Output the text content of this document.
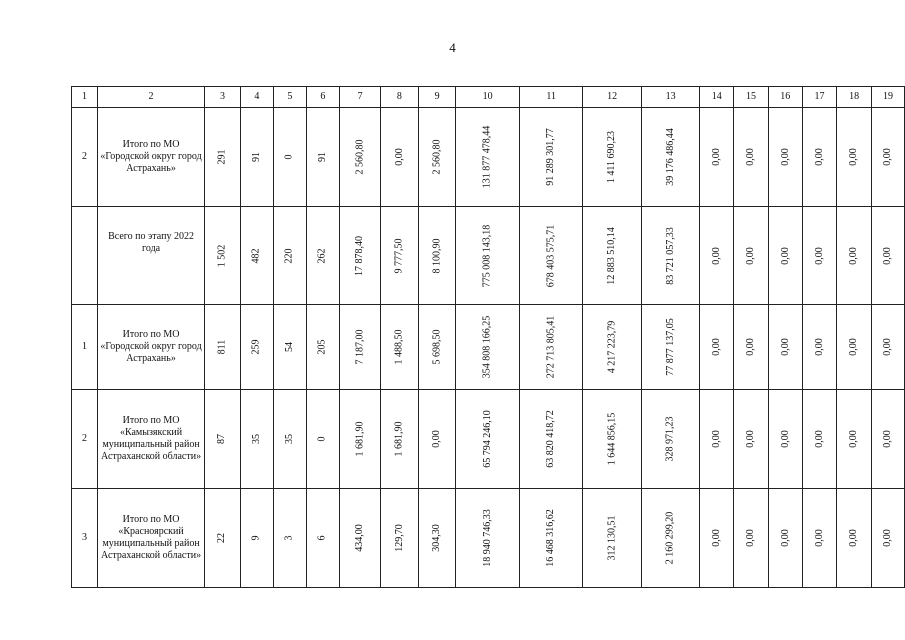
4
1	2	3	4	5	6	7	8	9	10	11	12	13	14	15	16	17	18	19
2	Итого по МО «Городской округ город Астрахань»	291	91	0	91	2 560,80	0,00	2 560,80	131 877 478,44	91 289 301,77	1 411 690,23	39 176 486,44	0,00	0,00	0,00	0,00	0,00	0,00
	Всего по этапу 2022 года	1 502	482	220	262	17 878,40	9 777,50	8 100,90	775 008 143,18	678 403 575,71	12 883 510,14	83 721 057,33	0,00	0,00	0,00	0,00	0,00	0,00
1	Итого по МО «Городской округ город Астрахань»	811	259	54	205	7 187,00	1 488,50	5 698,50	354 808 166,25	272 713 805,41	4 217 223,79	77 877 137,05	0,00	0,00	0,00	0,00	0,00	0,00
2	Итого по МО «Камызякский муниципальный район Астраханской области»	87	35	35	0	1 681,90	1 681,90	0,00	65 794 246,10	63 820 418,72	1 644 856,15	328 971,23	0,00	0,00	0,00	0,00	0,00	0,00
3	Итого по МО «Красноярский муниципальный район Астраханской области»	22	9	3	6	434,00	129,70	304,30	18 940 746,33	16 468 316,62	312 130,51	2 160 299,20	0,00	0,00	0,00	0,00	0,00	0,00
